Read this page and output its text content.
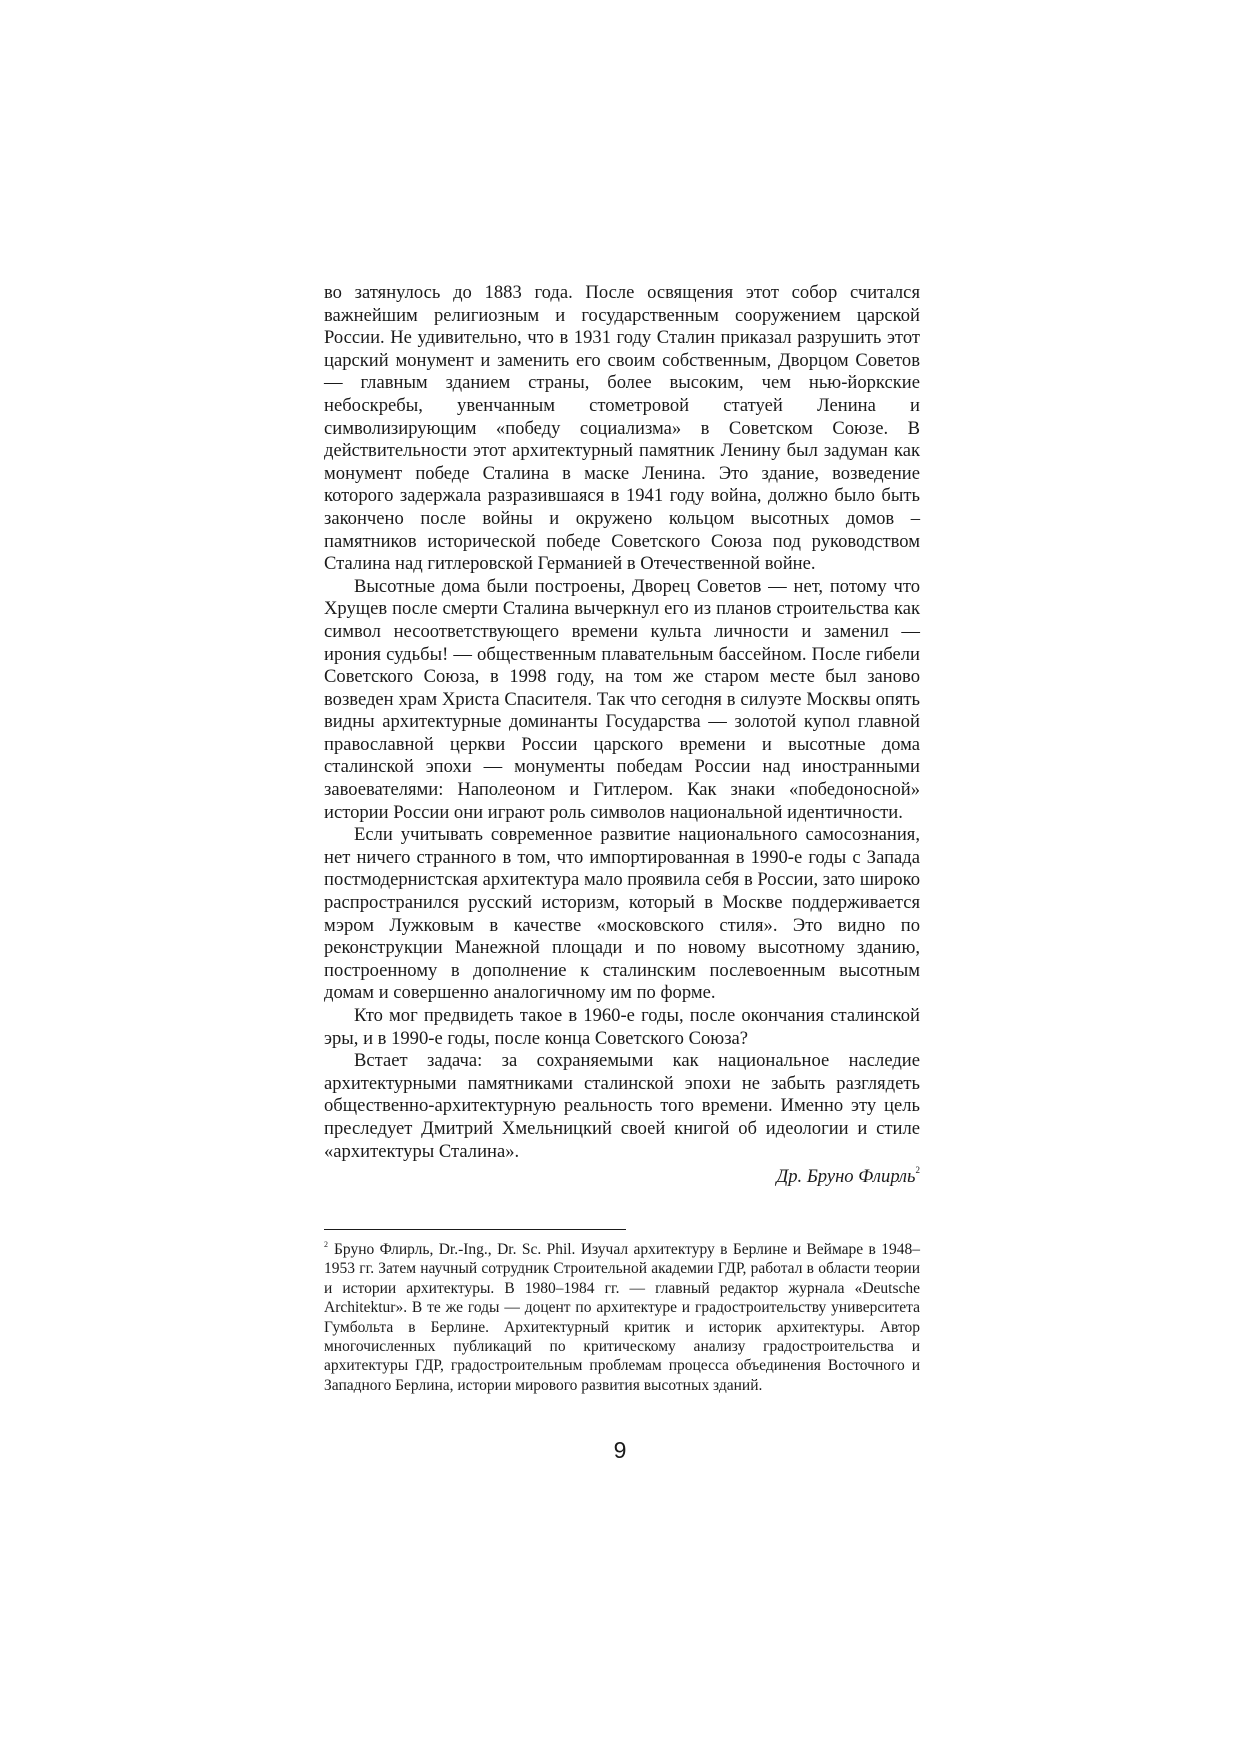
во затянулось до 1883 года. После освящения этот собор считался важнейшим религиозным и государственным сооружением царской России. Не удивительно, что в 1931 году Сталин приказал разрушить этот царский монумент и заменить его своим собственным, Дворцом Советов — главным зданием страны, более высоким, чем нью-йоркские небоскребы, увенчанным стометровой статуей Ленина и символизирующим «победу социализма» в Советском Союзе. В действительности этот архитектурный памятник Ленину был задуман как монумент победе Сталина в маске Ленина. Это здание, возведение которого задержала разразившаяся в 1941 году война, должно было быть закончено после войны и окружено кольцом высотных домов – памятников исторической победе Советского Союза под руководством Сталина над гитлеровской Германией в Отечественной войне.

Высотные дома были построены, Дворец Советов — нет, потому что Хрущев после смерти Сталина вычеркнул его из планов строительства как символ несоответствующего времени культа личности и заменил — ирония судьбы! — общественным плавательным бассейном. После гибели Советского Союза, в 1998 году, на том же старом месте был заново возведен храм Христа Спасителя. Так что сегодня в силуэте Москвы опять видны архитектурные доминанты Государства — золотой купол главной православной церкви России царского времени и высотные дома сталинской эпохи — монументы победам России над иностранными завоевателями: Наполеоном и Гитлером. Как знаки «победоносной» истории России они играют роль символов национальной идентичности.

Если учитывать современное развитие национального самосознания, нет ничего странного в том, что импортированная в 1990-е годы с Запада постмодернистская архитектура мало проявила себя в России, зато широко распространился русский историзм, который в Москве поддерживается мэром Лужковым в качестве «московского стиля». Это видно по реконструкции Манежной площади и по новому высотному зданию, построенному в дополнение к сталинским послевоенным высотным домам и совершенно аналогичному им по форме.

Кто мог предвидеть такое в 1960-е годы, после окончания сталинской эры, и в 1990-е годы, после конца Советского Союза?

Встает задача: за сохраняемыми как национальное наследие архитектурными памятниками сталинской эпохи не забыть разглядеть общественно-архитектурную реальность того времени. Именно эту цель преследует Дмитрий Хмельницкий своей книгой об идеологии и стиле «архитектуры Сталина».

Др. Бруно Флирль$^2$

$^2$ Бруно Флирль, Dr.-Ing., Dr. Sc. Phil. Изучал архитектуру в Берлине и Веймаре в 1948–1953 гг. Затем научный сотрудник Строительной академии ГДР, работал в области теории и истории архитектуры. В 1980–1984 гг. — главный редактор журнала «Deutsche Architektur». В те же годы — доцент по архитектуре и градостроительству университета Гумбольта в Берлине. Архитектурный критик и историк архитектуры. Автор многочисленных публикаций по критическому анализу градостроительства и архитектуры ГДР, градостроительным проблемам процесса объединения Восточного и Западного Берлина, истории мирового развития высотных зданий.

9
